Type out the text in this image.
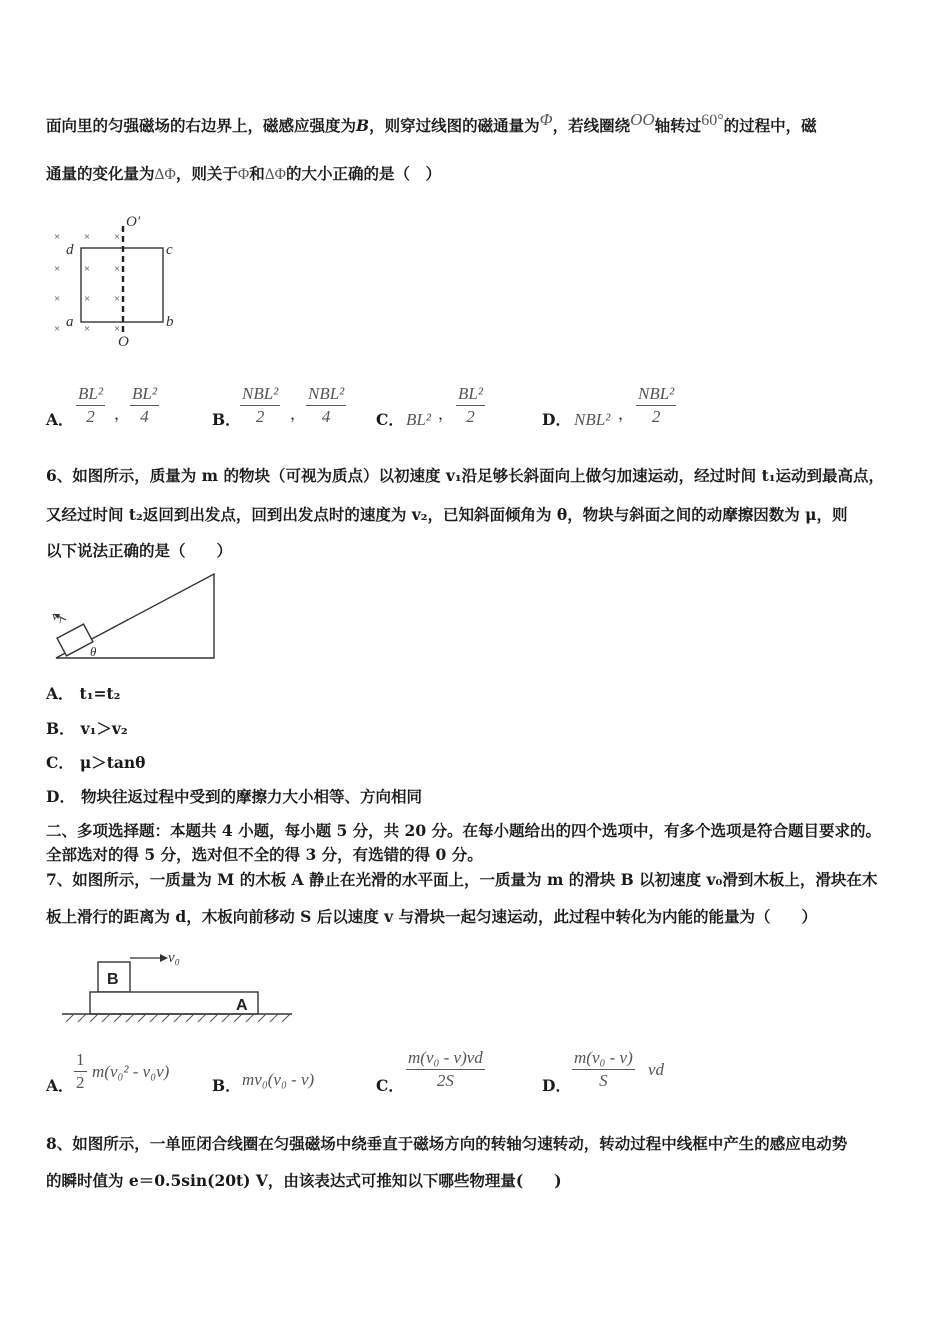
面向里的匀强磁场的右边界上，磁感应强度为B，则穿过线图的磁通量为Φ，若线圈绕OO轴转过60°的过程中，磁
通量的变化量为ΔΦ，则关于Φ和ΔΦ的大小正确的是（　）
× × ×
× × ×
× × ×
× × ×
O′
O
d	c
a	b
A．
BL²
2	，
BL²
4	B．
NBL²
2	，
NBL²
4	C． BL² ，
BL²
2	D． NBL² ，
NBL²
2
6、如图所示，质量为 m 的物块（可视为质点）以初速度 v₁沿足够长斜面向上做匀加速运动，经过时间 t₁运动到最高点，
又经过时间 t₂返回到出发点，回到出发点时的速度为 v₂，已知斜面倾角为 θ，物块与斜面之间的动摩擦因数为 μ，则
以下说法正确的是（　　）
v₁
θ
A． t₁=t₂
B． v₁＞v₂
C． μ＞tanθ
D． 物块往返过程中受到的摩擦力大小相等、方向相同
二、多项选择题：本题共 4 小题，每小题 5 分，共 20 分。在每小题给出的四个选项中，有多个选项是符合题目要求的。
全部选对的得 5 分，选对但不全的得 3 分，有选错的得 0 分。
7、如图所示，一质量为 M 的木板 A 静止在光滑的水平面上，一质量为 m 的滑块 B 以初速度 v₀滑到木板上，滑块在木
板上滑行的距离为 d，木板向前移动 S 后以速度 v 与滑块一起匀速运动，此过程中转化为内能的能量为（　　）
B
v₀
A
A．
1
2
m(v₀² - v₀v)
B． mv₀(v₀ - v)	C．
m(v₀ - v)vd
2S	D．
m(v₀ - v)
S
vd
8、如图所示，一单匝闭合线圈在匀强磁场中绕垂直于磁场方向的转轴匀速转动，转动过程中线框中产生的感应电动势
的瞬时值为 e＝0.5sin(20t) V，由该表达式可推知以下哪些物理量(　　)
